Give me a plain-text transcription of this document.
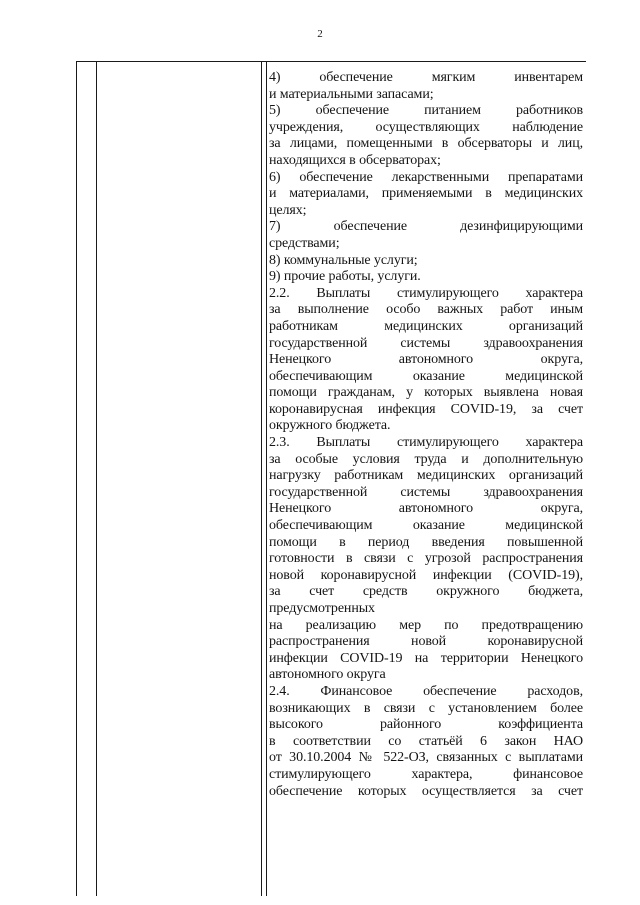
2
4) обеспечение мягким инвентарем
и материальными запасами;
5) обеспечение питанием работников
учреждения, осуществляющих наблюдение
за лицами, помещенными в обсерваторы и лиц,
находящихся в обсерваторах;
6) обеспечение лекарственными препаратами
и материалами, применяемыми в медицинских
целях;
7) обеспечение дезинфицирующими
средствами;
8) коммунальные услуги;
9) прочие работы, услуги.
2.2. Выплаты стимулирующего характера
за выполнение особо важных работ иным
работникам медицинских организаций
государственной системы здравоохранения
Ненецкого автономного округа,
обеспечивающим оказание медицинской
помощи гражданам, у которых выявлена новая
коронавирусная инфекция COVID-19, за счет
окружного бюджета.
2.3. Выплаты стимулирующего характера
за особые условия труда и дополнительную
нагрузку работникам медицинских организаций
государственной системы здравоохранения
Ненецкого автономного округа,
обеспечивающим оказание медицинской
помощи в период введения повышенной
готовности в связи с угрозой распространения
новой коронавирусной инфекции (COVID-19),
за счет средств окружного бюджета,
предусмотренных
на реализацию мер по предотвращению
распространения новой коронавирусной
инфекции COVID-19 на территории Ненецкого
автономного округа
2.4. Финансовое обеспечение расходов,
возникающих в связи с установлением более
высокого районного коэффициента
в соответствии со статьёй 6 закон НАО
от 30.10.2004 № 522-ОЗ, связанных с выплатами
стимулирующего характера, финансовое
обеспечение которых осуществляется за счет
